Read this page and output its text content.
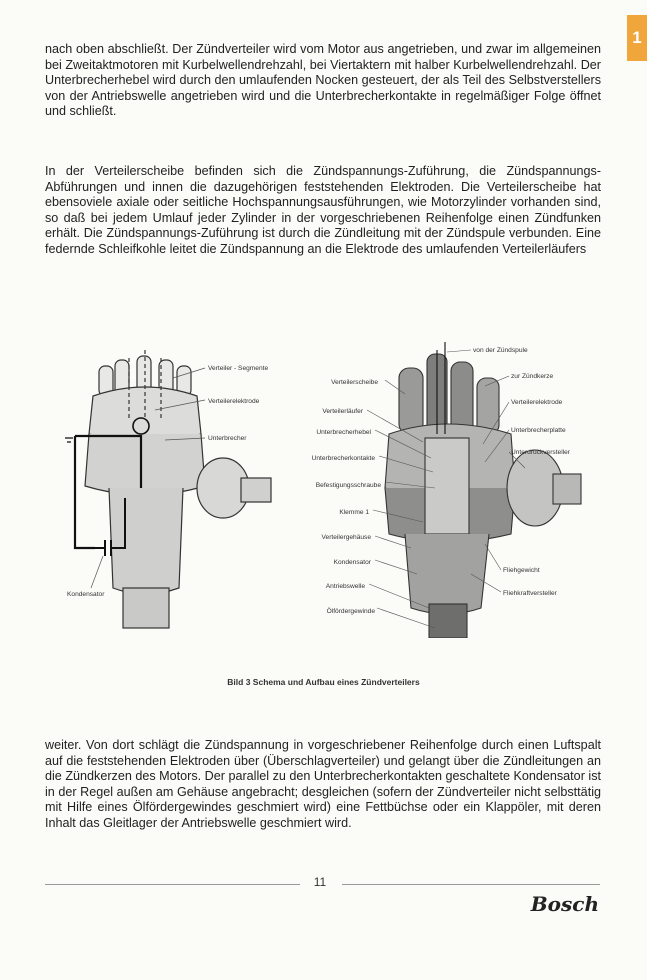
1

nach oben abschließt. Der Zündverteiler wird vom Motor aus angetrieben, und zwar im allgemeinen bei Zweitaktmotoren mit Kurbelwellendrehzahl, bei Viertaktern mit halber Kurbelwellendrehzahl. Der Unterbrecherhebel wird durch den umlaufenden Nocken gesteuert, der als Teil des Selbstverstellers von der Antriebswelle angetrieben wird und die Unterbrecherkontakte in regelmäßiger Folge öffnet und schließt.

In der Verteilerscheibe befinden sich die Zündspannungs-Zuführung, die Zündspannungs-Abführungen und innen die dazugehörigen feststehenden Elektroden. Die Verteilerscheibe hat ebensoviele axiale oder seitliche Hochspannungsausführungen, wie Motorzylinder vorhanden sind, so daß bei jedem Umlauf jeder Zylinder in der vorgeschriebenen Reihenfolge einen Zündfunken erhält. Die Zündspannungs-Zuführung ist durch die Zündleitung mit der Zündspule verbunden. Eine federnde Schleifkohle leitet die Zündspannung an die Elektrode des umlaufenden Verteilerläufers

Verteiler - Segmente
Verteilerelektrode
Unterbrecher
Kondensator
Verteilerscheibe
Verteilerläufer
Unterbrecherhebel
Unterbrecherkontakte
Befestigungsschraube
Klemme 1
Verteilergehäuse
Kondensator
Antriebswelle
Ölfördergewinde
von der Zündspule
zur Zündkerze
Verteilerelektrode
Unterbrecherplatte
Unterdruckversteller
Fliehgewicht
Fliehkraftversteller
Bild 3 Schema und Aufbau eines Zündverteilers

weiter. Von dort schlägt die Zündspannung in vorgeschriebener Reihenfolge durch einen Luftspalt auf die feststehenden Elektroden über (Überschlagverteiler) und gelangt über die Zündleitungen an die Zündkerzen des Motors. Der parallel zu den Unterbrecherkontakten geschaltete Kondensator ist in der Regel außen am Gehäuse angebracht; desgleichen (sofern der Zündverteiler nicht selbsttätig mit Hilfe eines Ölfördergewindes geschmiert wird) eine Fettbüchse oder ein Klappöler, mit deren Inhalt das Gleitlager der Antriebswelle geschmiert wird.

11
Bosch
